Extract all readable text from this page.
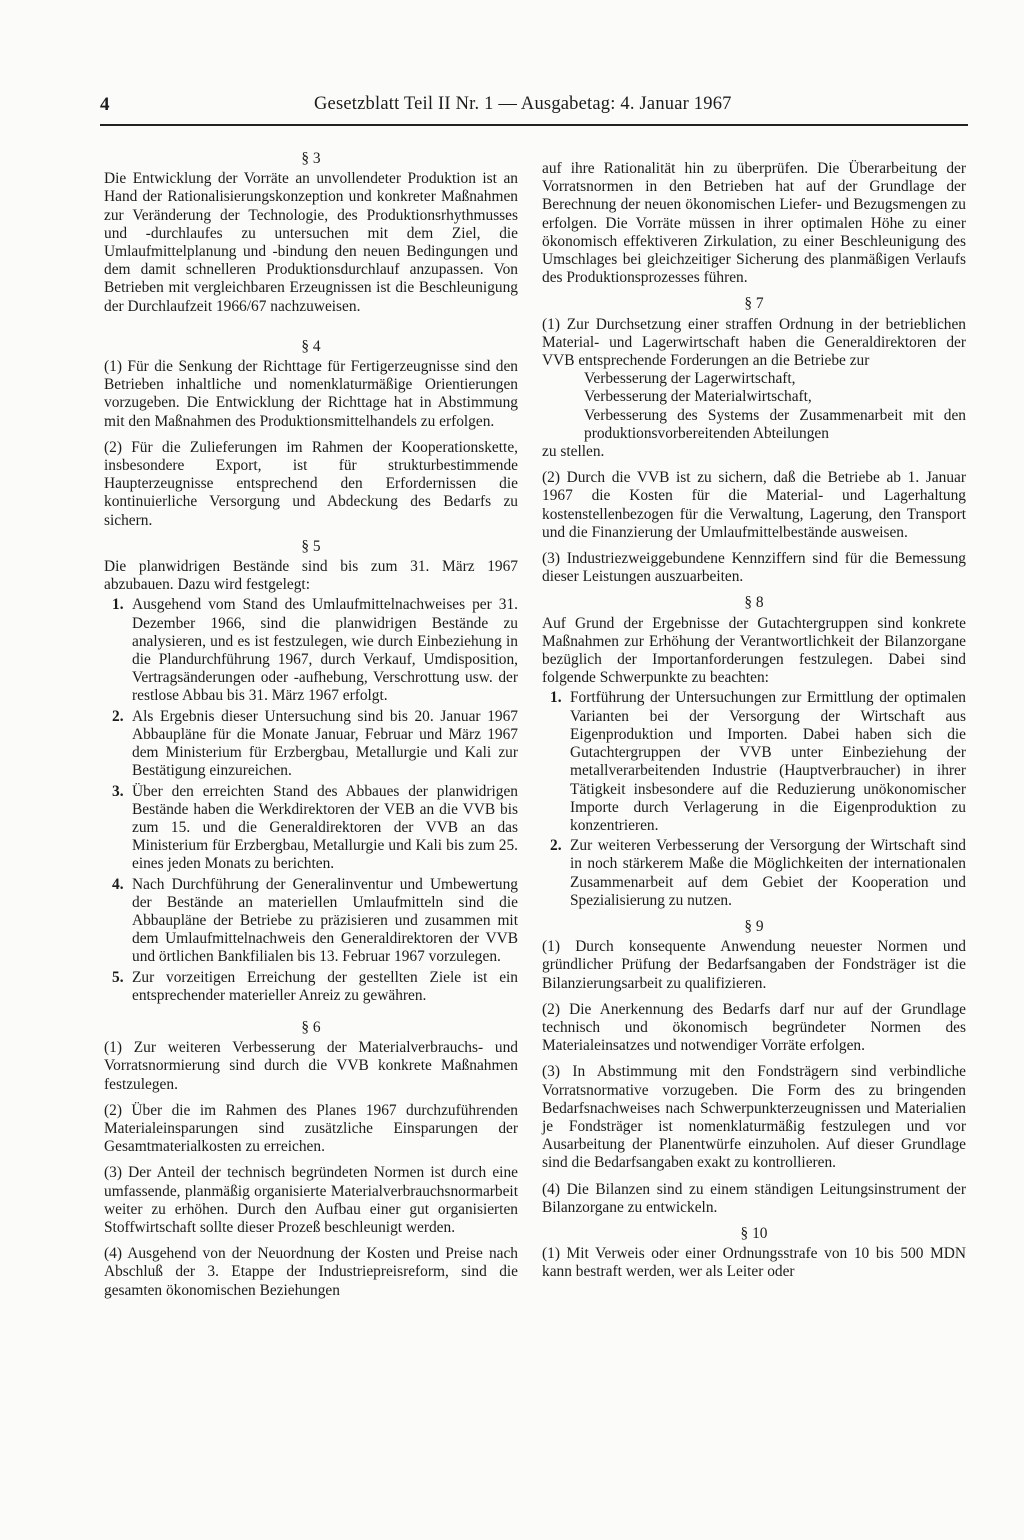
4	Gesetzblatt Teil II Nr. 1 — Ausgabetag: 4. Januar 1967
§ 3

Die Entwicklung der Vorräte an unvollendeter Produktion ist an Hand der Rationalisierungskonzeption und konkreter Maßnahmen zur Veränderung der Technologie, des Produktionsrhythmusses und -durchlaufes zu untersuchen mit dem Ziel, die Umlaufmittelplanung und -bindung den neuen Bedingungen und dem damit schnelleren Produktionsdurchlauf anzupassen. Von Betrieben mit vergleichbaren Erzeugnissen ist die Beschleunigung der Durchlaufzeit 1966/67 nachzuweisen.

§ 4

(1) Für die Senkung der Richttage für Fertigerzeugnisse sind den Betrieben inhaltliche und nomenklaturmäßige Orientierungen vorzugeben. Die Entwicklung der Richttage hat in Abstimmung mit den Maßnahmen des Produktionsmittelhandels zu erfolgen.

(2) Für die Zulieferungen im Rahmen der Kooperationskette, insbesondere Export, ist für strukturbestimmende Haupterzeugnisse entsprechend den Erfordernissen die kontinuierliche Versorgung und Abdeckung des Bedarfs zu sichern.

§ 5

Die planwidrigen Bestände sind bis zum 31. März 1967 abzubauen. Dazu wird festgelegt:

1. Ausgehend vom Stand des Umlaufmittelnachweises per 31. Dezember 1966, sind die planwidrigen Bestände zu analysieren, und es ist festzulegen, wie durch Einbeziehung in die Plandurchführung 1967, durch Verkauf, Umdisposition, Vertragsänderungen oder -aufhebung, Verschrottung usw. der restlose Abbau bis 31. März 1967 erfolgt.
2. Als Ergebnis dieser Untersuchung sind bis 20. Januar 1967 Abbaupläne für die Monate Januar, Februar und März 1967 dem Ministerium für Erzbergbau, Metallurgie und Kali zur Bestätigung einzureichen.
3. Über den erreichten Stand des Abbaues der planwidrigen Bestände haben die Werkdirektoren der VEB an die VVB bis zum 15. und die Generaldirektoren der VVB an das Ministerium für Erzbergbau, Metallurgie und Kali bis zum 25. eines jeden Monats zu berichten.
4. Nach Durchführung der Generalinventur und Umbewertung der Bestände an materiellen Umlaufmitteln sind die Abbaupläne der Betriebe zu präzisieren und zusammen mit dem Umlaufmittelnachweis den Generaldirektoren der VVB und örtlichen Bankfilialen bis 13. Februar 1967 vorzulegen.
5. Zur vorzeitigen Erreichung der gestellten Ziele ist ein entsprechender materieller Anreiz zu gewähren.
§ 6

(1) Zur weiteren Verbesserung der Materialverbrauchs- und Vorratsnormierung sind durch die VVB konkrete Maßnahmen festzulegen.

(2) Über die im Rahmen des Planes 1967 durchzuführenden Materialeinsparungen sind zusätzliche Einsparungen der Gesamtmaterialkosten zu erreichen.

(3) Der Anteil der technisch begründeten Normen ist durch eine umfassende, planmäßig organisierte Materialverbrauchsnormarbeit weiter zu erhöhen. Durch den Aufbau einer gut organisierten Stoffwirtschaft sollte dieser Prozeß beschleunigt werden.

(4) Ausgehend von der Neuordnung der Kosten und Preise nach Abschluß der 3. Etappe der Industriepreisreform, sind die gesamten ökonomischen Beziehungen

auf ihre Rationalität hin zu überprüfen. Die Überarbeitung der Vorratsnormen in den Betrieben hat auf der Grundlage der Berechnung der neuen ökonomischen Liefer- und Bezugsmengen zu erfolgen. Die Vorräte müssen in ihrer optimalen Höhe zu einer ökonomisch effektiveren Zirkulation, zu einer Beschleunigung des Umschlages bei gleichzeitiger Sicherung des planmäßigen Verlaufs des Produktionsprozesses führen.

§ 7

(1) Zur Durchsetzung einer straffen Ordnung in der betrieblichen Material- und Lagerwirtschaft haben die Generaldirektoren der VVB entsprechende Forderungen an die Betriebe zur

Verbesserung der Lagerwirtschaft,
Verbesserung der Materialwirtschaft,
Verbesserung des Systems der Zusammenarbeit mit den produktionsvorbereitenden Abteilungen

zu stellen.

(2) Durch die VVB ist zu sichern, daß die Betriebe ab 1. Januar 1967 die Kosten für die Material- und Lagerhaltung kostenstellenbezogen für die Verwaltung, Lagerung, den Transport und die Finanzierung der Umlaufmittelbestände ausweisen.

(3) Industriezweiggebundene Kennziffern sind für die Bemessung dieser Leistungen auszuarbeiten.

§ 8

Auf Grund der Ergebnisse der Gutachtergruppen sind konkrete Maßnahmen zur Erhöhung der Verantwortlichkeit der Bilanzorgane bezüglich der Importanforderungen festzulegen. Dabei sind folgende Schwerpunkte zu beachten:

1. Fortführung der Untersuchungen zur Ermittlung der optimalen Varianten bei der Versorgung der Wirtschaft aus Eigenproduktion und Importen. Dabei haben sich die Gutachtergruppen der VVB unter Einbeziehung der metallverarbeitenden Industrie (Hauptverbraucher) in ihrer Tätigkeit insbesondere auf die Reduzierung unökonomischer Importe durch Verlagerung in die Eigenproduktion zu konzentrieren.
2. Zur weiteren Verbesserung der Versorgung der Wirtschaft sind in noch stärkerem Maße die Möglichkeiten der internationalen Zusammenarbeit auf dem Gebiet der Kooperation und Spezialisierung zu nutzen.
§ 9

(1) Durch konsequente Anwendung neuester Normen und gründlicher Prüfung der Bedarfsangaben der Fondsträger ist die Bilanzierungsarbeit zu qualifizieren.

(2) Die Anerkennung des Bedarfs darf nur auf der Grundlage technisch und ökonomisch begründeter Normen des Materialeinsatzes und notwendiger Vorräte erfolgen.

(3) In Abstimmung mit den Fondsträgern sind verbindliche Vorratsnormative vorzugeben. Die Form des zu bringenden Bedarfsnachweises nach Schwerpunkterzeugnissen und Materialien je Fondsträger ist nomenklaturmäßig festzulegen und vor Ausarbeitung der Planentwürfe einzuholen. Auf dieser Grundlage sind die Bedarfsangaben exakt zu kontrollieren.

(4) Die Bilanzen sind zu einem ständigen Leitungsinstrument der Bilanzorgane zu entwickeln.

§ 10

(1) Mit Verweis oder einer Ordnungsstrafe von 10 bis 500 MDN kann bestraft werden, wer als Leiter oder
